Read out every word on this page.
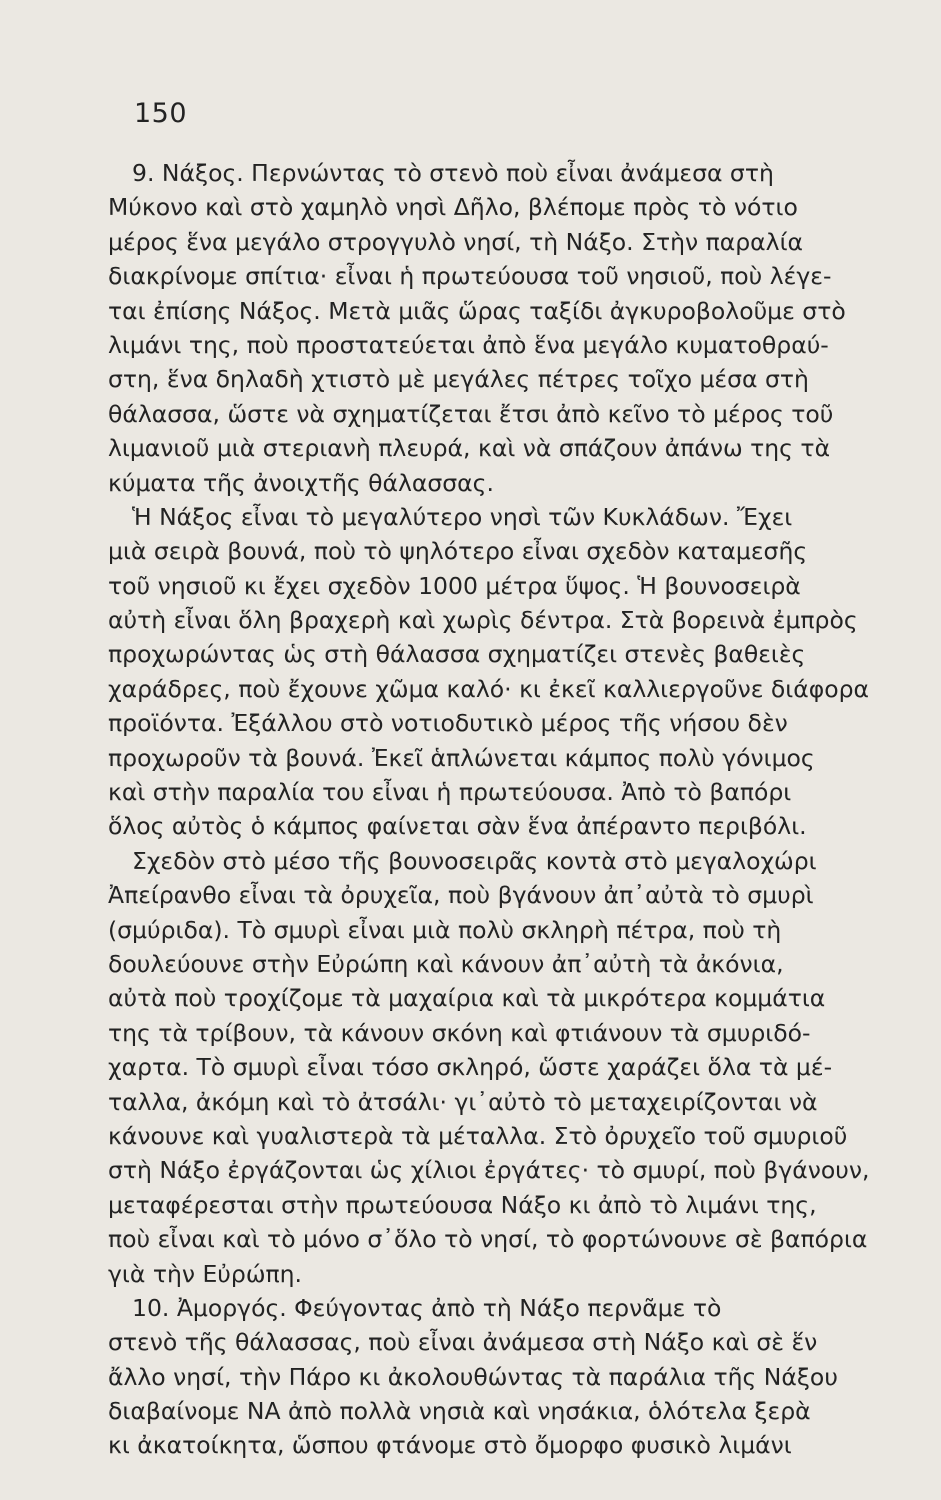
150
9. Νάξος. Περνώντας τὸ στενὸ ποὺ εἶναι ἀνάμεσα στὴ
Μύκονο καὶ στὸ χαμηλὸ νησὶ Δῆλο, βλέπομε πρὸς τὸ νότιο
μέρος ἕνα μεγάλο στρογγυλὸ νησί, τὴ Νάξο. Στὴν παραλία
διακρίνομε σπίτια· εἶναι ἡ πρωτεύουσα τοῦ νησιοῦ, ποὺ λέγε-
ται ἐπίσης Νάξος. Μετὰ μιᾶς ὥρας ταξίδι ἀγκυροβολοῦμε στὸ
λιμάνι της, ποὺ προστατεύεται ἀπὸ ἕνα μεγάλο κυματοθραύ-
στη, ἕνα δηλαδὴ χτιστὸ μὲ μεγάλες πέτρες τοῖχο μέσα στὴ
θάλασσα, ὥστε νὰ σχηματίζεται ἔτσι ἀπὸ κεῖνο τὸ μέρος τοῦ
λιμανιοῦ μιὰ στεριανὴ πλευρά, καὶ νὰ σπάζουν ἀπάνω της τὰ
κύματα τῆς ἀνοιχτῆς θάλασσας.
Ἡ Νάξος εἶναι τὸ μεγαλύτερο νησὶ τῶν Κυκλάδων. Ἔχει
μιὰ σειρὰ βουνά, ποὺ τὸ ψηλότερο εἶναι σχεδὸν καταμεσῆς
τοῦ νησιοῦ κι ἔχει σχεδὸν 1000 μέτρα ὕψος. Ἡ βουνοσειρὰ
αὐτὴ εἶναι ὅλη βραχερὴ καὶ χωρὶς δέντρα. Στὰ βορεινὰ ἐμπρὸς
προχωρώντας ὡς στὴ θάλασσα σχηματίζει στενὲς βαθειὲς
χαράδρες, ποὺ ἔχουνε χῶμα καλό· κι ἐκεῖ καλλιεργοῦνε διάφορα
προϊόντα. Ἐξάλλου στὸ νοτιοδυτικὸ μέρος τῆς νήσου δὲν
προχωροῦν τὰ βουνά. Ἐκεῖ ἁπλώνεται κάμπος πολὺ γόνιμος
καὶ στὴν παραλία του εἶναι ἡ πρωτεύουσα. Ἀπὸ τὸ βαπόρι
ὅλος αὐτὸς ὁ κάμπος φαίνεται σὰν ἕνα ἀπέραντο περιβόλι.
Σχεδὸν στὸ μέσο τῆς βουνοσειρᾶς κοντὰ στὸ μεγαλοχώρι
Ἀπείρανθο εἶναι τὰ ὀρυχεῖα, ποὺ βγάνουν ἀπ᾽αὐτὰ τὸ σμυρὶ
(σμύριδα). Τὸ σμυρὶ εἶναι μιὰ πολὺ σκληρὴ πέτρα, ποὺ τὴ
δουλεύουνε στὴν Εὐρώπη καὶ κάνουν ἀπ᾽αὐτὴ τὰ ἀκόνια,
αὐτὰ ποὺ τροχίζομε τὰ μαχαίρια καὶ τὰ μικρότερα κομμάτια
της τὰ τρίβουν, τὰ κάνουν σκόνη καὶ φτιάνουν τὰ σμυριδό-
χαρτα. Τὸ σμυρὶ εἶναι τόσο σκληρό, ὥστε χαράζει ὅλα τὰ μέ-
ταλλα, ἀκόμη καὶ τὸ ἀτσάλι· γι᾽αὐτὸ τὸ μεταχειρίζονται νὰ
κάνουνε καὶ γυαλιστερὰ τὰ μέταλλα. Στὸ ὀρυχεῖο τοῦ σμυριοῦ
στὴ Νάξο ἐργάζονται ὡς χίλιοι ἐργάτες· τὸ σμυρί, ποὺ βγάνουν,
μεταφέρεσται στὴν πρωτεύουσα Νάξο κι ἀπὸ τὸ λιμάνι της,
ποὺ εἶναι καὶ τὸ μόνο σ᾽ὅλο τὸ νησί, τὸ φορτώνουνε σὲ βαπόρια
γιὰ τὴν Εὐρώπη.
10. Ἀμοργός. Φεύγοντας ἀπὸ τὴ Νάξο περνᾶμε τὸ
στενὸ τῆς θάλασσας, ποὺ εἶναι ἀνάμεσα στὴ Νάξο καὶ σὲ ἕν
ἄλλο νησί, τὴν Πάρο κι ἀκολουθώντας τὰ παράλια τῆς Νάξου
διαβαίνομε ΝΑ ἀπὸ πολλὰ νησιὰ καὶ νησάκια, ὁλότελα ξερὰ
κι ἀκατοίκητα, ὥσπου φτάνομε στὸ ὄμορφο φυσικὸ λιμάνι
